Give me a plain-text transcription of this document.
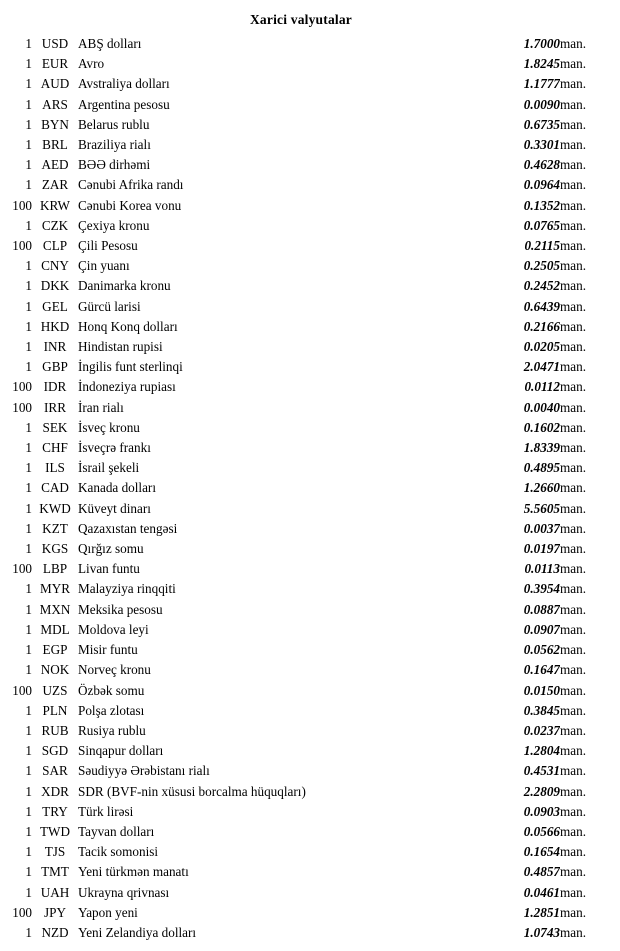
Xarici valyutalar
1	USD	ABŞ dolları	1.7000	man.
1	EUR	Avro	1.8245	man.
1	AUD	Avstraliya dolları	1.1777	man.
1	ARS	Argentina pesosu	0.0090	man.
1	BYN	Belarus rublu	0.6735	man.
1	BRL	Braziliya rialı	0.3301	man.
1	AED	BƏƏ dirhəmi	0.4628	man.
1	ZAR	Cənubi Afrika randı	0.0964	man.
100	KRW	Cənubi Korea vonu	0.1352	man.
1	CZK	Çexiya kronu	0.0765	man.
100	CLP	Çili Pesosu	0.2115	man.
1	CNY	Çin yuanı	0.2505	man.
1	DKK	Danimarka kronu	0.2452	man.
1	GEL	Gürcü larisi	0.6439	man.
1	HKD	Honq Konq dolları	0.2166	man.
1	INR	Hindistan rupisi	0.0205	man.
1	GBP	İngilis funt sterlinqi	2.0471	man.
100	IDR	İndoneziya rupiası	0.0112	man.
100	IRR	İran rialı	0.0040	man.
1	SEK	İsveç kronu	0.1602	man.
1	CHF	İsveçrə frankı	1.8339	man.
1	ILS	İsrail şekeli	0.4895	man.
1	CAD	Kanada dolları	1.2660	man.
1	KWD	Küveyt dinarı	5.5605	man.
1	KZT	Qazaxıstan tengəsi	0.0037	man.
1	KGS	Qırğız somu	0.0197	man.
100	LBP	Livan funtu	0.0113	man.
1	MYR	Malayziya rinqqiti	0.3954	man.
1	MXN	Meksika pesosu	0.0887	man.
1	MDL	Moldova leyi	0.0907	man.
1	EGP	Misir funtu	0.0562	man.
1	NOK	Norveç kronu	0.1647	man.
100	UZS	Özbək somu	0.0150	man.
1	PLN	Polşa zlotası	0.3845	man.
1	RUB	Rusiya rublu	0.0237	man.
1	SGD	Sinqapur dolları	1.2804	man.
1	SAR	Səudiyyə Ərəbistanı rialı	0.4531	man.
1	XDR	SDR (BVF-nin xüsusi borcalma hüquqları)	2.2809	man.
1	TRY	Türk lirəsi	0.0903	man.
1	TWD	Tayvan dolları	0.0566	man.
1	TJS	Tacik somonisi	0.1654	man.
1	TMT	Yeni türkmən manatı	0.4857	man.
1	UAH	Ukrayna qrivnası	0.0461	man.
100	JPY	Yapon yeni	1.2851	man.
1	NZD	Yeni Zelandiya dolları	1.0743	man.
